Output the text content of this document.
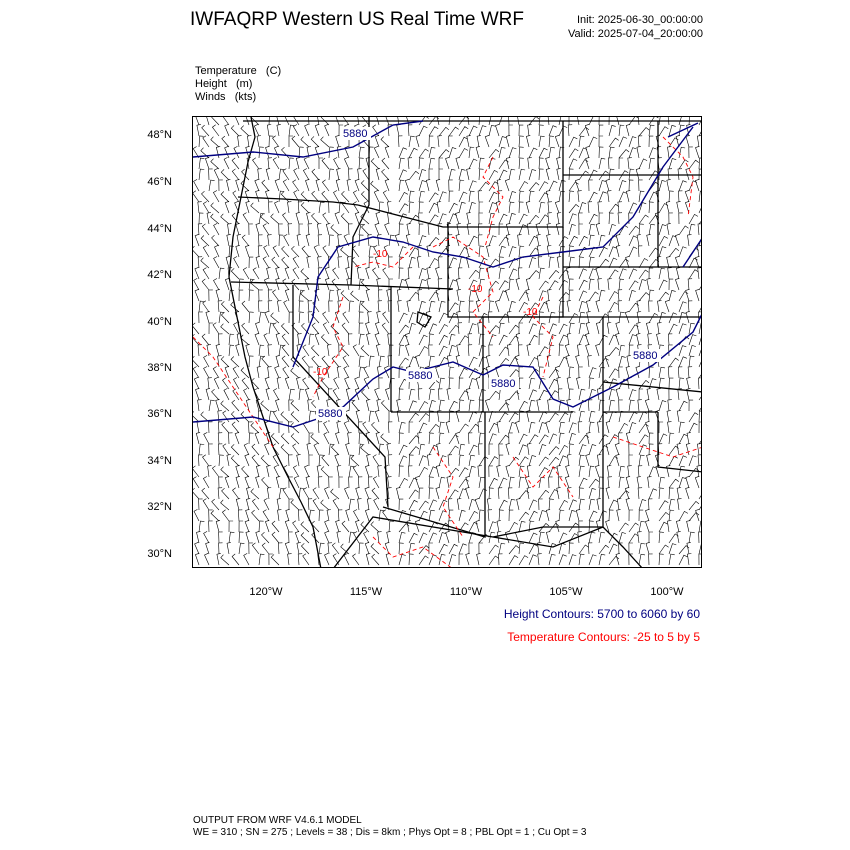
IWFAQRP Western US Real Time WRF	Init: 2025-06-30_00:00:00
Valid: 2025-07-04_20:00:00
Temperature   (C)
Height   (m)
Winds   (kts)
5880
5880
5880
5880
5880
-10
-10
-10
-10
48°N
46°N
44°N
42°N
40°N
38°N
36°N
34°N
32°N
30°N
120°W	115°W	110°W	105°W	100°W
Height Contours: 5700 to 6060 by 60
Temperature Contours: -25 to 5 by 5
OUTPUT FROM WRF V4.6.1 MODEL
WE = 310 ; SN = 275 ; Levels = 38 ; Dis = 8km ; Phys Opt = 8 ; PBL Opt = 1 ; Cu Opt = 3
